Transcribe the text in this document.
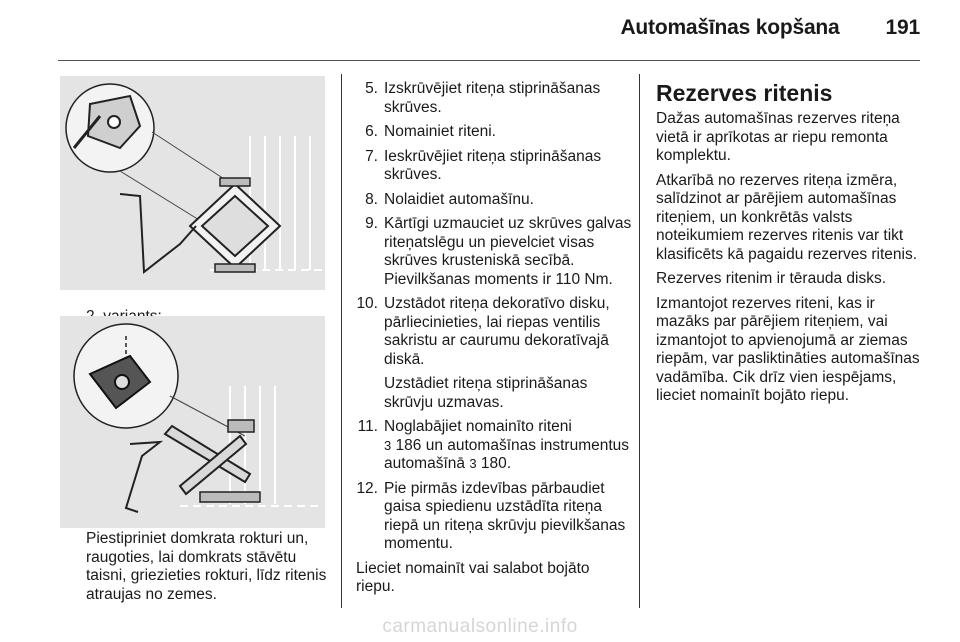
Automašīnas kopšana 191
Piestipriniet domkrata rokturi un, raugoties, lai domkrats stāvētu taisni, griezieties rokturi, līdz ritenis atraujas no zemes.
5. Izskrūvējiet riteņa stiprināšanas skrūves.
6. Nomainiet riteni.
7. Ieskrūvējiet riteņa stiprināšanas skrūves.
8. Nolaidiet automašīnu.
9. Kārtīgi uzmauciet uz skrūves galvas riteņatslēgu un pievelciet visas skrūves krusteniskā secībā. Pievilkšanas moments ir 110 Nm.
10. Uzstādot riteņa dekoratīvo disku, pārliecinieties, lai riepas ventilis sakristu ar caurumu dekoratīvajā diskā.
Uzstādiet riteņa stiprināšanas skrūvju uzmavas.
11. Noglabājiet nomainīto riteni
3 186 un automašīnas instrumentus automašīnā 3 180.
12. Pie pirmās izdevības pārbaudiet gaisa spiedienu uzstādīta riteņa riepā un riteņa skrūvju pievilkšanas momentu.
Lieciet nomainīt vai salabot bojāto riepu.
Rezerves ritenis

Dažas automašīnas rezerves riteņa vietā ir aprīkotas ar riepu remonta komplektu.

Atkarībā no rezerves riteņa izmēra, salīdzinot ar pārējiem automašīnas riteņiem, un konkrētās valsts noteikumiem rezerves ritenis var tikt klasificēts kā pagaidu rezerves ritenis.

Rezerves ritenim ir tērauda disks.

Izmantojot rezerves riteni, kas ir mazāks par pārējiem riteņiem, vai izmantojot to apvienojumā ar ziemas riepām, var pasliktināties automašīnas vadāmība. Cik drīz vien iespējams, lieciet nomainīt bojāto riepu.

carmanualsonline.info
